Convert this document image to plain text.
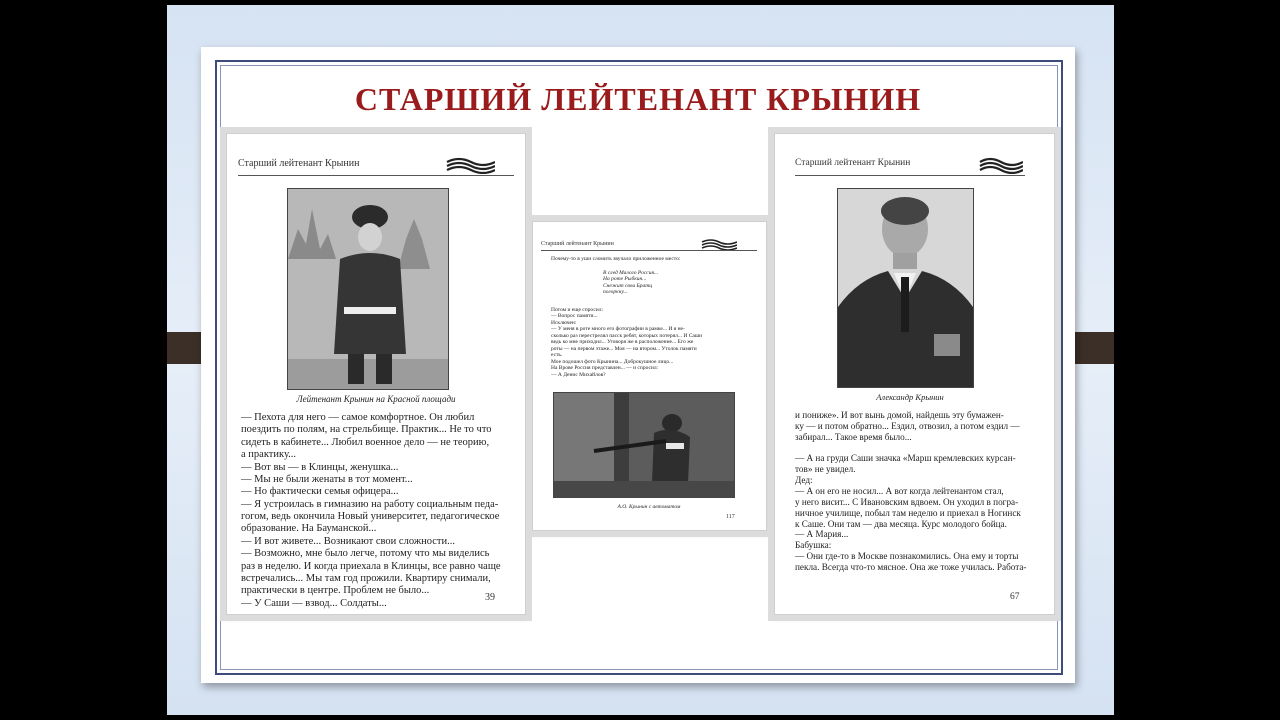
СТАРШИЙ ЛЕЙТЕНАНТ КРЫНИН
Старший лейтенант Крынин
Лейтенант Крынин на Красной площади

— Пехота для него — самое комфортное. Он любил

поездить по полям, на стрельбище. Практик... Не то что

сидеть в кабинете... Любил военное дело — не теорию,

а практику...

— Вот вы — в Клинцы, женушка...

— Мы не были женаты в тот момент...

— Но фактически семья офицера...

— Я устроилась в гимназию на работу социальным педа-

гогом, ведь окончила Новый университет, педагогическое

образование. На Бауманской...

— И вот живете... Возникают свои сложности...

— Возможно, мне было легче, потому что мы виделись

раз в неделю. И когда приехала в Клинцы, все равно чаще

встречались... Мы там год прожили. Квартиру снимали,

практически в центре. Проблем не было...

— У Саши — взвод... Солдаты...

39
Старший лейтенант Крынин
Почему-то в уши сломить звучало приложенное место:

В след Малого Россия...

На роте Рыбкин...

Снежит свои Братц

погоркну...

Потом и еще спросил:

— Вопрос памяти...

Исключен:

— У меня в роте много его фотографии в рамке... И я не-

сколько раз перестрелял пасск ребят, которых потерял... И Саши

ведь ко мне приходил... Уговоря же в расположение... Его же

роты — на первом этаже... Моя — на втором... Утолок памяти

есть.

Мое подошел фото Крынина... Доброкушное лицо...

На Врове Россия представлен... — и спросил:

— А Денис Михайлов?

А.О. Крынин с автоматом
117
Старший лейтенант Крынин
Александр Крынин

и пониже». И вот вынь домой, найдешь эту бумажен-

ку — и потом обратно... Ездил, отвозил, а потом ездил —

забирал... Такое время было...

— А на груди Саши значка «Марш кремлевских курсан-

тов» не увидел.

Дед:

— А он его не носил... А вот когда лейтенантом стал,

у него висит... С Ивановским вдвоем. Он уходил в погра-

ничное училище, побыл там неделю и приехал в Ногинск

к Саше. Они там — два месяца. Курс молодого бойца.

— А Мария...

Бабушка:

— Они где-то в Москве познакомились. Она ему и торты

пекла. Всегда что-то мясное. Она же тоже училась. Работа-

67
